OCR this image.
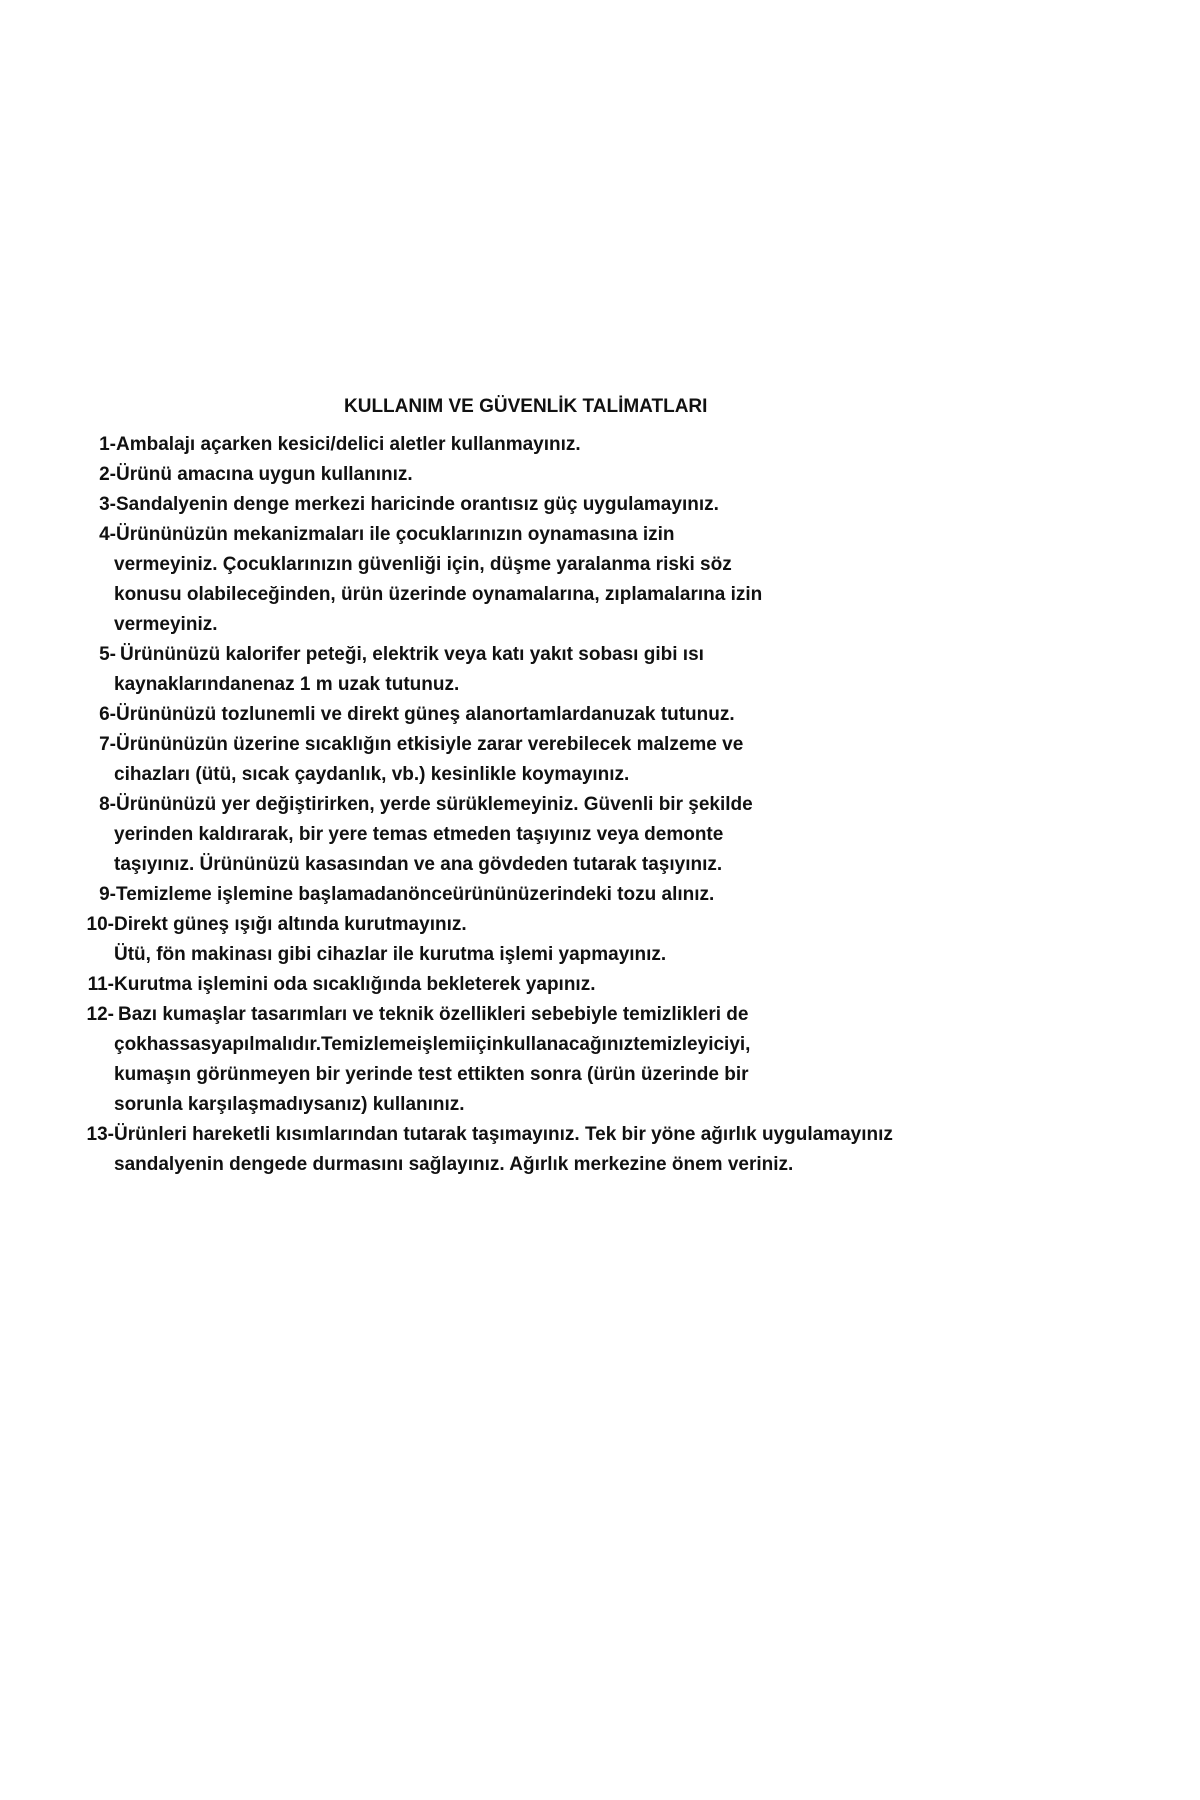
KULLANIM VE GÜVENLİK TALİMATLARI
1- Ambalajı açarken kesici/delici aletler kullanmayınız.
2- Ürünü amacına uygun kullanınız.
3- Sandalyenin denge merkezi haricinde orantısız güç uygulamayınız.
4- Ürününüzün mekanizmaları ile çocuklarınızın oynamasına izin
vermeyiniz. Çocuklarınızın güvenliği için, düşme yaralanma riski söz
konusu olabileceğinden, ürün üzerinde oynamalarına, zıplamalarına izin
vermeyiniz.
5- Ürününüzü kalorifer peteği, elektrik veya katı yakıt sobası gibi ısı
kaynaklarındanenaz 1 m uzak tutunuz.
6- Ürününüzü tozlunemli ve direkt güneş alanortamlardanuzak tutunuz.
7- Ürününüzün üzerine sıcaklığın etkisiyle zarar verebilecek malzeme ve
cihazları (ütü, sıcak çaydanlık, vb.) kesinlikle koymayınız.
8- Ürününüzü yer değiştirirken, yerde sürüklemeyiniz. Güvenli bir şekilde
yerinden kaldırarak, bir yere temas etmeden taşıyınız veya demonte
taşıyınız. Ürününüzü kasasından ve ana gövdeden tutarak taşıyınız.
9- Temizleme işlemine başlamadanönceürününüzerindeki tozu alınız.
10- Direkt güneş ışığı altında kurutmayınız.
Ütü, fön makinası gibi cihazlar ile kurutma işlemi yapmayınız.
11- Kurutma işlemini oda sıcaklığında bekleterek yapınız.
12- Bazı kumaşlar tasarımları ve teknik özellikleri sebebiyle temizlikleri de
çokhassasyapılmalıdır.Temizlemeişlemiiçinkullanacağınıztemizleyiciyi,
kumaşın görünmeyen bir yerinde test ettikten sonra (ürün üzerinde bir
sorunla karşılaşmadıysanız) kullanınız.
13- Ürünleri hareketli kısımlarından tutarak taşımayınız. Tek bir yöne ağırlık uygulamayınız
sandalyenin dengede durmasını sağlayınız. Ağırlık merkezine önem veriniz.
